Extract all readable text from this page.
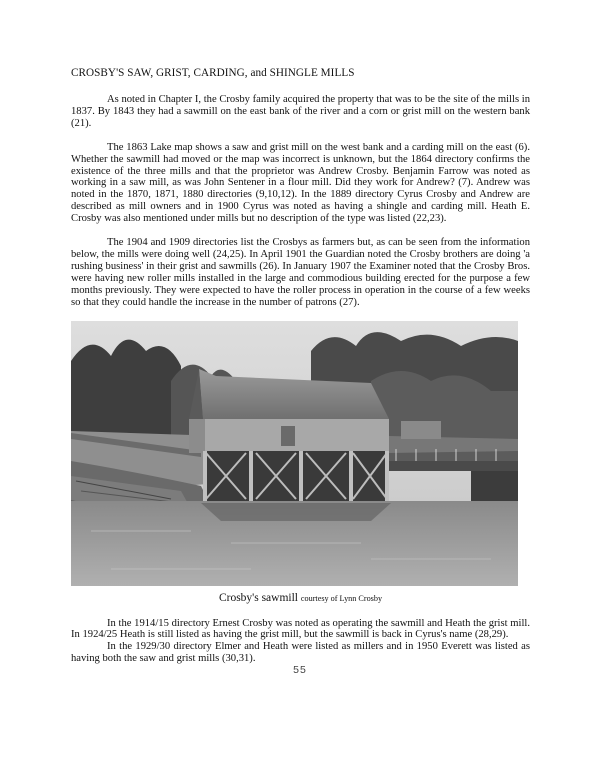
CROSBY'S SAW, GRIST, CARDING, and SHINGLE MILLS

As noted in Chapter I, the Crosby family acquired the property that was to be the site of the mills in 1837. By 1843 they had a sawmill on the east bank of the river and a corn or grist mill on the western bank (21).

The 1863 Lake map shows a saw and grist mill on the west bank and a carding mill on the east (6). Whether the sawmill had moved or the map was incorrect is unknown, but the 1864 directory confirms the existence of the three mills and that the proprietor was Andrew Crosby. Benjamin Farrow was noted as working in a saw mill, as was John Sentener in a flour mill. Did they work for Andrew? (7). Andrew was noted in the 1870, 1871, 1880 directories (9,10,12). In the 1889 directory Cyrus Crosby and Andrew are described as mill owners and in 1900 Cyrus was noted as having a shingle and carding mill. Heath E. Crosby was also mentioned under mills but no description of the type was listed (22,23).

The 1904 and 1909 directories list the Crosbys as farmers but, as can be seen from the information below, the mills were doing well (24,25). In April 1901 the Guardian noted the Crosby brothers are doing 'a rushing business' in their grist and sawmills (26). In January 1907 the Examiner noted that the Crosby Bros. were having new roller mills installed in the large and commodious building erected for the purpose a few months previously. They were expected to have the roller process in operation in the course of a few weeks so that they could handle the increase in the number of patrons (27).

Crosby's sawmill courtesy of Lynn Crosby

In the 1914/15 directory Ernest Crosby was noted as operating the sawmill and Heath the grist mill. In 1924/25 Heath is still listed as having the grist mill, but the sawmill is back in Cyrus's name (28,29).

In the 1929/30 directory Elmer and Heath were listed as millers and in 1950 Everett was listed as having both the saw and grist mills (30,31).

55
